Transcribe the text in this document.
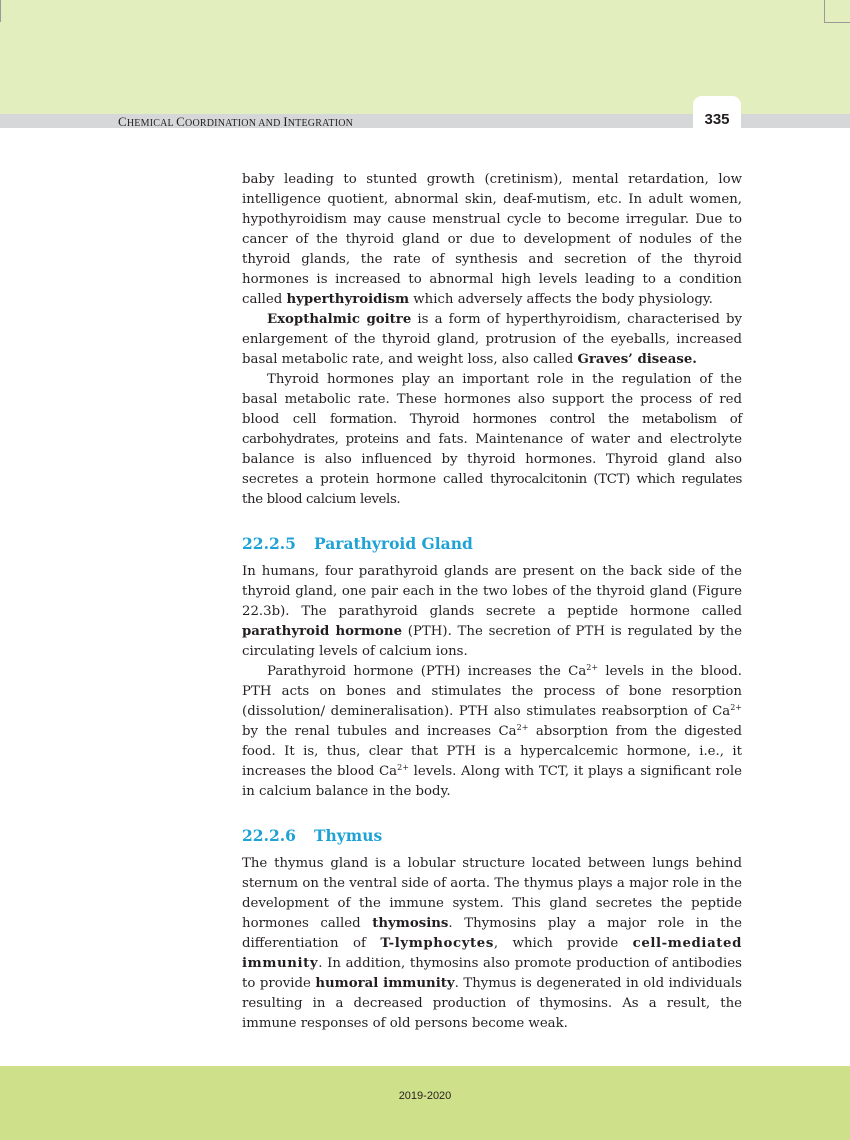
CHEMICAL COORDINATION AND INTEGRATION	335

baby leading to stunted growth (cretinism), mental retardation, low intelligence quotient, abnormal skin, deaf-mutism, etc. In adult women, hypothyroidism may cause menstrual cycle to become irregular. Due to cancer of the thyroid gland or due to development of nodules of the thyroid glands, the rate of synthesis and secretion of the thyroid hormones is increased to abnormal high levels leading to a condition called hyperthyroidism which adversely affects the body physiology.

Exopthalmic goitre is a form of hyperthyroidism, characterised by enlargement of the thyroid gland, protrusion of the eyeballs, increased basal metabolic rate, and weight loss, also called Graves’ disease.

Thyroid hormones play an important role in the regulation of the basal metabolic rate. These hormones also support the process of red blood cell formation. Thyroid hormones control the metabolism of carbohydrates, proteins and fats. Maintenance of water and electrolyte balance is also influenced by thyroid hormones. Thyroid gland also secretes a protein hormone called thyrocalcitonin (TCT) which regulates the blood calcium levels.

22.2.5 Parathyroid Gland

In humans, four parathyroid glands are present on the back side of the thyroid gland, one pair each in the two lobes of the thyroid gland (Figure 22.3b). The parathyroid glands secrete a peptide hormone called parathyroid hormone (PTH). The secretion of PTH is regulated by the circulating levels of calcium ions.

Parathyroid hormone (PTH) increases the $Ca^{2+}$ levels in the blood. PTH acts on bones and stimulates the process of bone resorption (dissolution/ demineralisation). PTH also stimulates reabsorption of $Ca^{2+}$ by the renal tubules and increases $Ca^{2+}$ absorption from the digested food. It is, thus, clear that PTH is a hypercalcemic hormone, i.e., it increases the blood $Ca^{2+}$ levels. Along with TCT, it plays a significant role in calcium balance in the body.

22.2.6 Thymus

The thymus gland is a lobular structure located between lungs behind sternum on the ventral side of aorta. The thymus plays a major role in the development of the immune system. This gland secretes the peptide hormones called thymosins. Thymosins play a major role in the differentiation of T-lymphocytes, which provide cell-mediated immunity. In addition, thymosins also promote production of antibodies to provide humoral immunity. Thymus is degenerated in old individuals resulting in a decreased production of thymosins. As a result, the immune responses of old persons become weak.

2019-2020
